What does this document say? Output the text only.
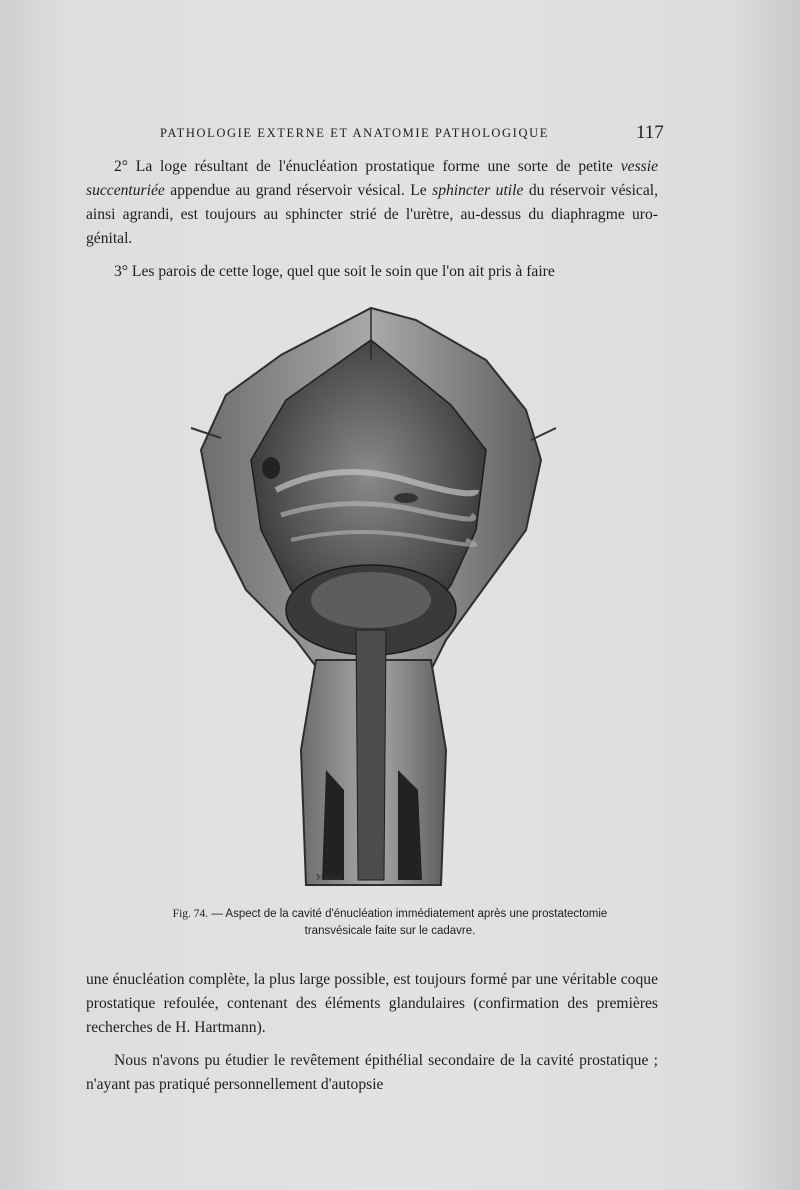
PATHOLOGIE EXTERNE ET ANATOMIE PATHOLOGIQUE	117

2° La loge résultant de l'énucléation prostatique forme une sorte de petite vessie succenturiée appendue au grand réservoir vésical. Le sphincter utile du réservoir vésical, ainsi agrandi, est toujours au sphincter strié de l'urètre, au-dessus du diaphragme uro-génital.

3° Les parois de cette loge, quel que soit le soin que l'on ait pris à faire

Masse
Fig. 74. — Aspect de la cavité d'énucléation immédiatement après une prostatectomie
transvésicale faite sur le cadavre.

une énucléation complète, la plus large possible, est toujours formé par une véritable coque prostatique refoulée, contenant des éléments glandulaires (confirmation des premières recherches de H. Hartmann).

Nous n'avons pu étudier le revêtement épithélial secondaire de la cavité prostatique ; n'ayant pas pratiqué personnellement d'autopsie
